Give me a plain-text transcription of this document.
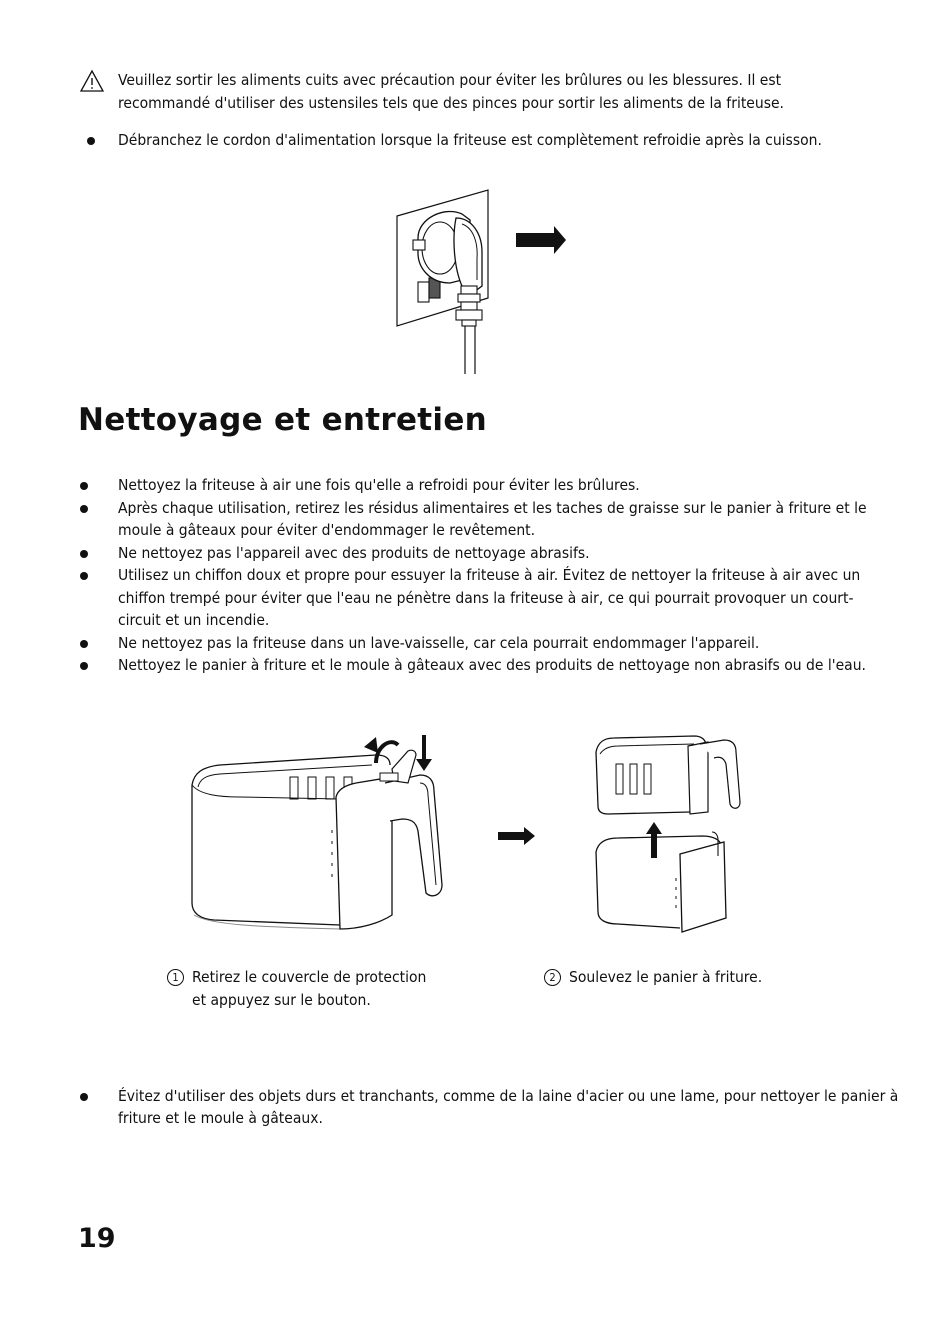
Veuillez sortir les aliments cuits avec précaution pour éviter les brûlures ou les blessures. Il est recommandé d'utiliser des ustensiles tels que des pinces pour sortir les aliments de la friteuse.
Débranchez le cordon d'alimentation lorsque la friteuse est complètement refroidie après la cuisson.
Nettoyage et entretien
Nettoyez la friteuse à air une fois qu'elle a refroidi pour éviter les brûlures.
Après chaque utilisation, retirez les résidus alimentaires et les taches de graisse sur le panier à friture et le moule à gâteaux pour éviter d'endommager le revêtement.
Ne nettoyez pas l'appareil avec des produits de nettoyage abrasifs.
Utilisez un chiffon doux et propre pour essuyer la friteuse à air. Évitez de nettoyer la friteuse à air avec un chiffon trempé pour éviter que l'eau ne pénètre dans la friteuse à air, ce qui pourrait provoquer un court-circuit et un incendie.
Ne nettoyez pas la friteuse dans un lave-vaisselle, car cela pourrait endommager l'appareil.
Nettoyez le panier à friture et le moule à gâteaux avec des produits de nettoyage non abrasifs ou de l'eau.
1 Retirez le couvercle de protection
et appuyez sur le bouton.
2 Soulevez le panier à friture.
Évitez d'utiliser des objets durs et tranchants, comme de la laine d'acier ou une lame, pour nettoyer le panier à friture et le moule à gâteaux.
19
